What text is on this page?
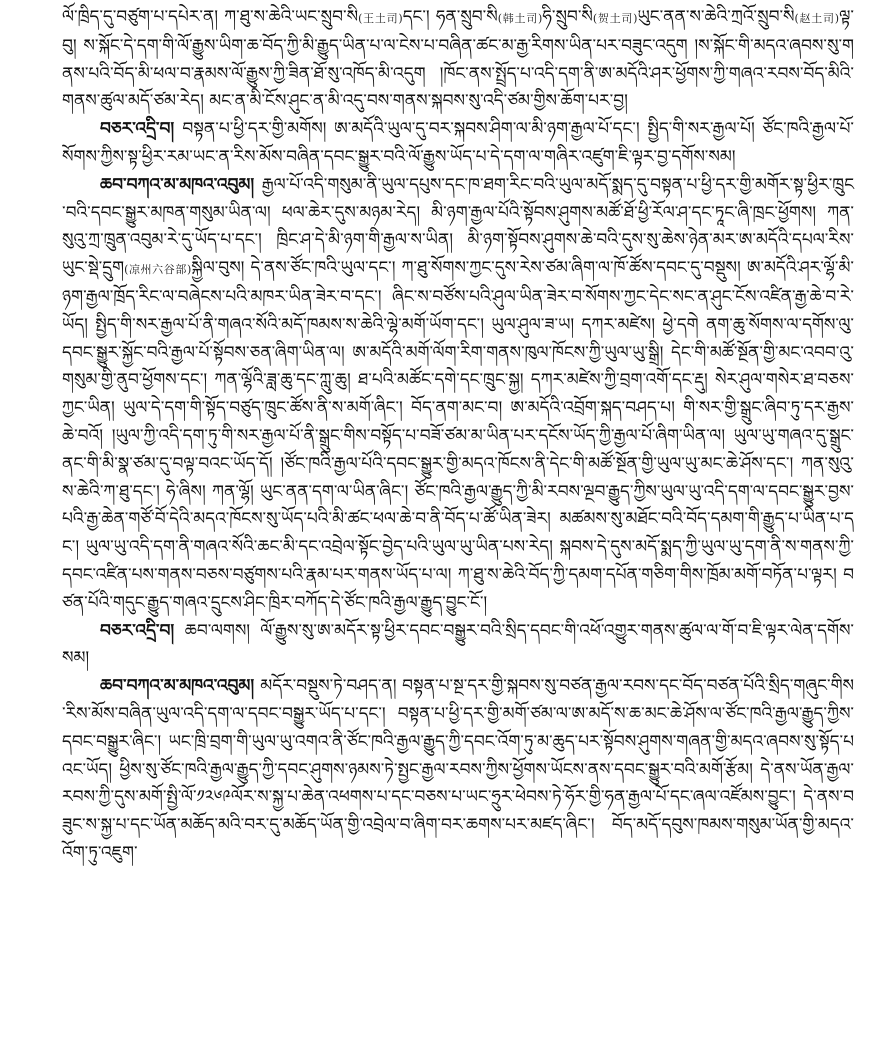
ལོ་ཁྲིད་དུ་བཙུག་པ་དཔེར་ན། ཀ་ཐུ་ས་ཆེའི་ཡང་སྲུབ་སི(王土司)དང་། ཧན་སྲུབ་སི(韩土司)ཧི་སྲུབ་སི(贺土司)ཡུང་ནན་ས་ཆེའི་ཀྲའོ་སྲུབ་སི(赵土司)ལྟ་བུ། ས་སྐོང་དེ་དག་གི་ལོ་རྒྱུས་ཡིག་ཆ་བོད་ཀྱི་མི་རྒྱུད་ཡིན་པ་ལ་ངེས་པ་བཞིན་ཚང་མ་རྒྱ་རིགས་ཡིན་པར་བཟུང་འདུག །ས་སྐོང་གི་མདའ་ཞབས་སུ་གནས་པའི་བོད་མི་ཕལ་བ་རྣམས་ལོ་རྒྱུས་ཀྱི་ཟིན་ཐོ་སུ་འཁོད་མི་འདུག །ཁོང་ནས་སྤྲོད་པ་འདི་དག་ནི་ཨ་མདོའི་ཤར་ཕྱོགས་ཀྱི་གཞའ་རབས་བོད་མིའི་གནས་ཚུལ་མདོ་ཙམ་རེད། མང་ན་མི་ངོས་ཤུང་ན་མི་འདུ་བས་གནས་སྐབས་སུ་འདི་ཙམ་གྱིས་ཆོག་པར་བྱ།

བཅར་འདྲི་བ། བསྟན་པ་ཕྱི་དར་གྱི་མགོས། ཨ་མདོའི་ཡུལ་དུ་བར་སྐབས་ཤིག་ལ་མི་ཉག་རྒྱལ་པོ་དང་། སྤྱིད་གི་སར་རྒྱལ་པོ། ཙོང་ཁའི་རྒྱལ་པོ་སོགས་ཀྱིས་སྟ་ཕྱིར་རམ་ཡང་ན་རིས་མོས་བཞིན་དབང་སྒྱུར་བའི་ལོ་རྒྱུས་ཡོད་པ་དེ་དག་ལ་གཞིར་འཛུག་ཇི་ལྟར་བྱ་དགོས་སམ།

ཆབ་བཀའ་མ་མཁའ་འབུམ། རྒྱལ་པོ་འདི་གསུམ་ནི་ཡུལ་དཔུས་དང་ཁ་ཐག་རིང་བའི་ཡུལ་མདོ་སྨད་དུ་བསྟན་པ་ཕྱི་དར་གྱི་མགོར་སྟ་ཕྱིར་ཁྲུང་བའི་དབང་སྒྱུར་མཁན་གསུམ་ཡིན་ལ། ཕལ་ཆེར་དུས་མཉམ་རེད། མི་ཉག་རྒྱལ་པོའི་སྟོབས་ཤུགས་མཚོ་ཐོ་ཕྱི་རོལ་ཤ་དང་ཏཱང་ཞི་ཁྲང་ཕྱོགས། ཀན་སུའུ་ཀྲ་ཁྲུན་འབུམ་རེ་དུ་ཡོད་པ་དང་། ཁྲིང་ཤ་དེ་མི་ཉག་གི་རྒྱལ་ས་ཡིན། མི་ཉག་སྟོབས་ཤུགས་ཆེ་བའི་དུས་སུ་ཆེས་ཉེན་མར་ཨ་མདོའི་དཔལ་རིས་ཡུང་སྡེ་དྲུག(凉州六谷部)སྐྱིལ་བུས། དེ་ནས་ཙོང་ཁའི་ཡུལ་དང་། ཀ་ཐུ་སོགས་ཀྱང་དུས་རེས་ཙམ་ཞིག་ལ་ཁོ་ཚོས་དབང་དུ་བསྡུས། ཨ་མདོའི་ཤར་ལྷོ་མི་ཉག་རྒྱལ་ཁྲོད་རིང་ལ་བཞེངས་པའི་མཁར་ཡིན་ཟེར་བ་དང་། ཞིང་ས་བཙོས་པའི་ཤུལ་ཡིན་ཟེར་བ་སོགས་ཀྱང་དེང་སང་ན་ཤུང་ངོས་འཛིན་རྒྱ་ཆེ་བ་རེ་ཡོད། སྤྱིད་གི་སར་རྒྱལ་པོ་ནི་གཞའ་སོའི་མདོ་ཁམས་ས་ཆེའི་ལྷེ་མགོ་ཡོག་དང་། ཡུལ་ཤུལ་ཟ་ཡ། དཀར་མཛེས། ཕྱེ་དགེ ནག་ཆུ་སོགས་ལ་དགོས་ལུ་དབང་སྒྱུར་སྐྱོང་བའི་རྒྱལ་པོ་སྟོབས་ཅན་ཞིག་ཡིན་ལ། ཨ་མདོའི་མགོ་ལོག་རིག་གནས་ཁུལ་ཁོངས་ཀྱི་ཡུལ་ཡུ་སྒྲི། དེང་གི་མཚོ་སྔོན་གྱི་མང་འབབ་འུ་གསུམ་གྱི་ནུབ་ཕྱོགས་དང་། ཀན་ལྷོའི་ཟླ་ཆུ་དང་ཀླུ་ཆུ། ཐ་པའི་མཚོང་དགེ་དང་ཁྲུང་སྐྱ། དཀར་མཛེས་ཀྱི་བྲག་འགོ་དང་རྡུ། སེར་ཤུལ་གསེར་ཐ་བཅས་ཀྱང་ཡིན། ཡུལ་དེ་དག་གི་སྟོད་བཙུད་ཁྲུང་ཚོས་ནི་ས་མགོ་ཞིང་། བོད་ནག་མང་བ། ཨ་མདོའི་འབྲོག་སྐད་བཤད་པ། གི་སར་གྱི་སྒྲུང་ཞིབ་ཏུ་དར་རྒྱས་ཆེ་བའོ། །ཡུལ་ཀྱི་འདི་དག་ཏུ་གི་སར་རྒྱལ་པོ་ནི་སྒྲུང་གིས་བསྟོད་པ་བཟོ་ཙམ་མ་ཡིན་པར་དངོས་ཡོད་ཀྱི་རྒྱལ་པོ་ཞིག་ཡིན་ལ། ཡུལ་ཡུ་གཞའ་དུ་སྒྲུང་ནང་གི་མི་སྣ་ཙམ་དུ་བལྟ་བའང་ཡོད་དོ། །ཙོང་ཁའི་རྒྱལ་པོའི་དབང་སྒྱུར་གྱི་མདའ་ཁོངས་ནི་དེང་གི་མཚོ་སྔོན་གྱི་ཡུལ་ཡུ་མང་ཆེ་ཤོས་དང་། ཀན་སུའུ་ས་ཆེའི་ཀ་ཐུ་དང་། ཧེ་ཞིས། ཀན་ལྷོ། ཡུང་ནན་དག་ལ་ཡིན་ཞིང་། ཙོང་ཁའི་རྒྱལ་རྒྱུད་ཀྱི་མི་རབས་ལྔབ་རྒྱུད་ཀྱིས་ཡུལ་ཡུ་འདི་དག་ལ་དབང་སྒྱུར་བྱས་པའི་རྒྱ་ཆེན་གཙོ་བོ་དེའི་མདའ་ཁོངས་སུ་ཡོད་པའི་མི་ཚང་ཕལ་ཆེ་བ་ནི་བོད་པ་ཚོ་ཡིན་ཟེར། མཚམས་སུ་མཐོང་བའི་བོད་དམག་གི་རྒྱུད་པ་ཡིན་པ་དང་། ཡུལ་ཡུ་འདི་དག་ནི་གཞའ་སོའི་ཆང་མི་དང་འབྲེལ་སྟོང་བྱེད་པའི་ཡུལ་ཡུ་ཡིན་པས་རེད། སྐབས་དེ་དུས་མདོ་སྨད་ཀྱི་ཡུལ་ཡུ་དག་ནི་ས་གནས་ཀྱི་དབང་འཛིན་པས་གནས་བཅས་བཙུགས་པའི་རྣམ་པར་གནས་ཡོད་པ་ལ། ཀ་ཐུ་ས་ཆེའི་བོད་ཀྱི་དམག་དཔོན་གཅིག་གིས་ཁྲོམ་མགོ་བཏོན་པ་ལྟར། བཙན་པོའི་གདུང་རྒྱུད་གཞའ་དྲུངས་ཤིང་ཁྲིར་བཀོད་དེ་ཙོང་ཁའི་རྒྱལ་རྒྱུད་བྱུང་ངོ་།

བཅར་འདྲི་བ། ཆབ་ལགས། ལོ་རྒྱུས་སུ་ཨ་མདོར་སྟ་ཕྱིར་དབང་བསྒྱུར་བའི་སྲིད་དབང་གི་འཕོ་འགྱུར་གནས་ཚུལ་ལ་གོ་བ་ཇི་ལྟར་ལེན་དགོས་སམ།

ཆབ་བཀའ་མ་མཁའ་འབུམ། མདོར་བསྡུས་ཏེ་བཤད་ན། བསྟན་པ་སྔ་དར་གྱི་སྐབས་སུ་བཙན་རྒྱལ་རབས་དང་བོད་བཙན་པོའི་སྲིད་གཞུང་གིས་རིས་མོས་བཞིན་ཡུལ་འདི་དག་ལ་དབང་བསྒྱུར་ཡོད་པ་དང་། བསྟན་པ་ཕྱི་དར་གྱི་མགོ་ཙམ་ལ་ཨ་མདོ་ས་ཆ་མང་ཆེ་ཤོས་ལ་ཙོང་ཁའི་རྒྱལ་རྒྱུད་ཀྱིས་དབང་བསྒྱུར་ཞིང་། ཡང་ཁྲི་བྲག་གི་ཡུལ་ཡུ་འགའ་ནི་ཙོང་ཁའི་རྒྱལ་རྒྱུད་ཀྱི་དབང་འོག་ཏུ་མ་ཆུད་པར་སྟོབས་ཤུགས་གཞན་གྱི་མདའ་ཞབས་སུ་སྟོད་པའང་ཡོད། ཕྱིས་སུ་ཙོང་ཁའི་རྒྱལ་རྒྱུད་ཀྱི་དབང་ཤུགས་ཉམས་ཏེ་སྤྱང་རྒྱལ་རབས་ཀྱིས་ཕྱོགས་ཡོངས་ནས་དབང་སྒྱུར་བའི་མགོ་རྩོམ། དེ་ནས་ཡོན་རྒྱལ་རབས་ཀྱི་དུས་མགོ་སྤྱི་ལོ་༡༢༦༩ལོར་ས་སྐྱ་པ་ཆེན་འཕགས་པ་དང་བཅས་པ་ཡང་ཧྲུར་ཕེབས་ཏེ་ཧོར་གྱི་ཧན་རྒྱལ་པོ་དང་ཞལ་འཛོམས་བྱུང་། དེ་ནས་བཟུང་ས་སྐྱ་པ་དང་ཡོན་མཆོད་མའི་བར་དུ་མཆོད་ཡོན་གྱི་འབྲེལ་བ་ཞིག་བར་ཆགས་པར་མཛད་ཞིང་། བོད་མདོ་དབུས་ཁམས་གསུམ་ཡོན་གྱི་མདའ་འོག་ཏུ་འཇུག་
